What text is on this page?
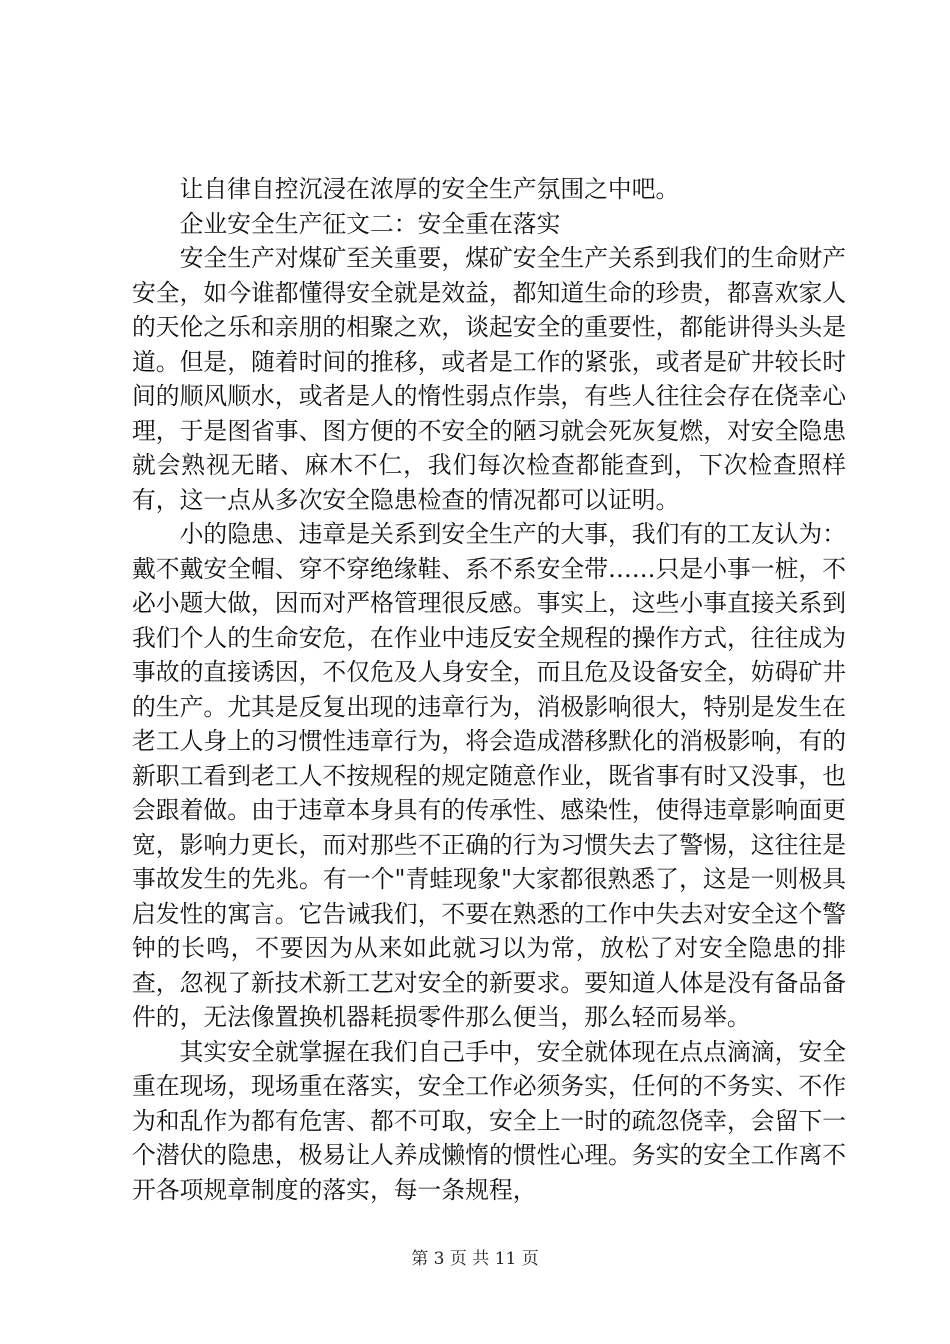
让自律自控沉浸在浓厚的安全生产氛围之中吧。

企业安全生产征文二：安全重在落实

安全生产对煤矿至关重要，煤矿安全生产关系到我们的生命财产安全，如今谁都懂得安全就是效益，都知道生命的珍贵，都喜欢家人的天伦之乐和亲朋的相聚之欢，谈起安全的重要性，都能讲得头头是道。但是，随着时间的推移，或者是工作的紧张，或者是矿井较长时间的顺风顺水，或者是人的惰性弱点作祟，有些人往往会存在侥幸心理，于是图省事、图方便的不安全的陋习就会死灰复燃，对安全隐患就会熟视无睹、麻木不仁，我们每次检查都能查到，下次检查照样有，这一点从多次安全隐患检查的情况都可以证明。

小的隐患、违章是关系到安全生产的大事，我们有的工友认为：戴不戴安全帽、穿不穿绝缘鞋、系不系安全带……只是小事一桩，不必小题大做，因而对严格管理很反感。事实上，这些小事直接关系到我们个人的生命安危，在作业中违反安全规程的操作方式，往往成为事故的直接诱因，不仅危及人身安全，而且危及设备安全，妨碍矿井的生产。尤其是反复出现的违章行为，消极影响很大，特别是发生在老工人身上的习惯性违章行为，将会造成潜移默化的消极影响，有的新职工看到老工人不按规程的规定随意作业，既省事有时又没事，也会跟着做。由于违章本身具有的传承性、感染性，使得违章影响面更宽，影响力更长，而对那些不正确的行为习惯失去了警惕，这往往是事故发生的先兆。有一个"青蛙现象"大家都很熟悉了，这是一则极具启发性的寓言。它告诫我们，不要在熟悉的工作中失去对安全这个警钟的长鸣，不要因为从来如此就习以为常，放松了对安全隐患的排查，忽视了新技术新工艺对安全的新要求。要知道人体是没有备品备件的，无法像置换机器耗损零件那么便当，那么轻而易举。

其实安全就掌握在我们自己手中，安全就体现在点点滴滴，安全重在现场，现场重在落实，安全工作必须务实，任何的不务实、不作为和乱作为都有危害、都不可取，安全上一时的疏忽侥幸，会留下一个潜伏的隐患，极易让人养成懒惰的惯性心理。务实的安全工作离不开各项规章制度的落实，每一条规程，

第 3 页 共 11 页
